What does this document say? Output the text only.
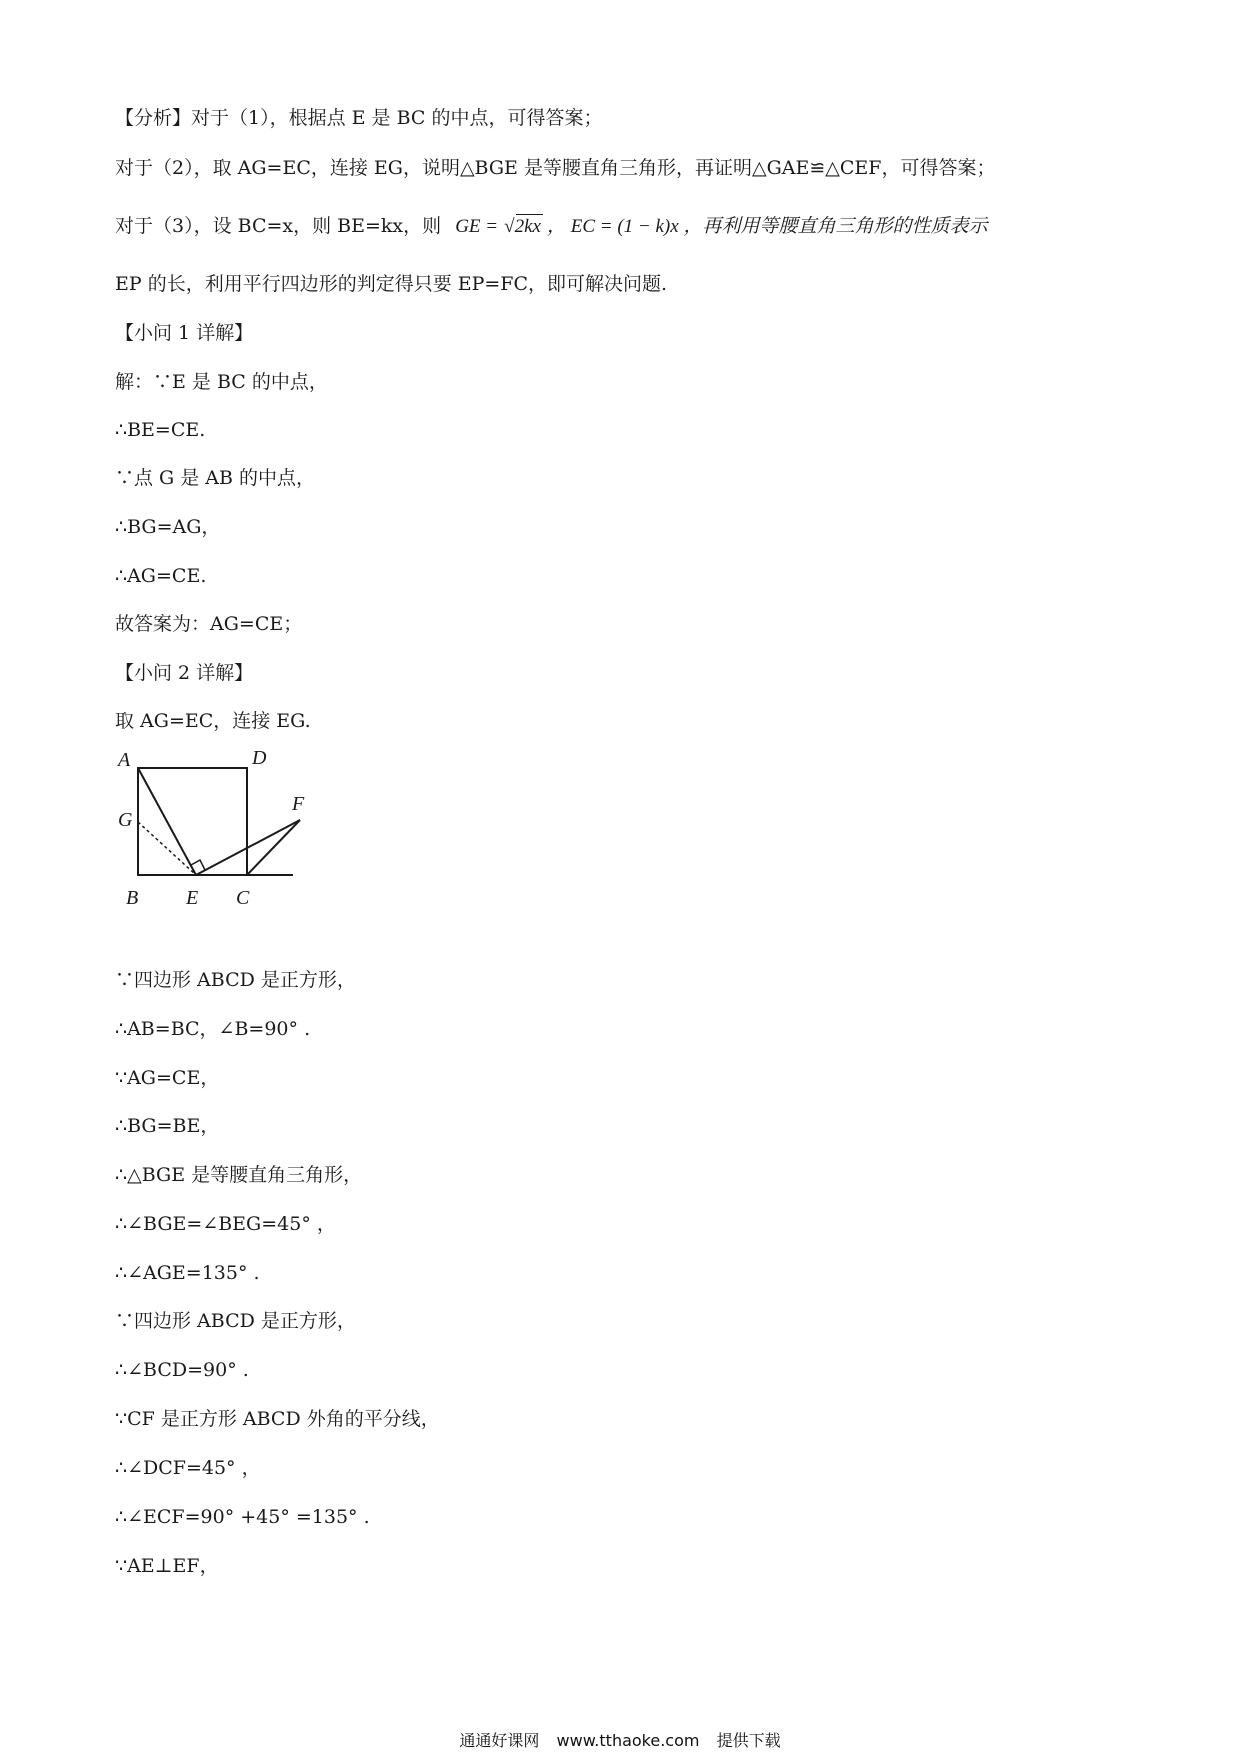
【分析】对于（1），根据点 E 是 BC 的中点，可得答案；
对于（2），取 AG=EC，连接 EG，说明△BGE 是等腰直角三角形，再证明△GAE≌△CEF，可得答案；
对于（3），设 BC=x，则 BE=kx，则 GE = √
2kx ， EC = (1 − k)x ，再利用等腰直角三角形的性质表示
EP 的长，利用平行四边形的判定得只要 EP=FC，即可解决问题.
【小问 1 详解】
解：∵E 是 BC 的中点，
∴BE=CE.
∵点 G 是 AB 的中点，
∴BG=AG，
∴AG=CE.
故答案为：AG=CE；
【小问 2 详解】
取 AG=EC，连接 EG.
A	D
F
G
B E C
∵四边形 ABCD 是正方形，
∴AB=BC，∠B=90° .
∵AG=CE，
∴BG=BE，
∴△BGE 是等腰直角三角形，
∴∠BGE=∠BEG=45° ，
∴∠AGE=135° .
∵四边形 ABCD 是正方形，
∴∠BCD=90° .
∵CF 是正方形 ABCD 外角的平分线，
∴∠DCF=45° ，
∴∠ECF=90° +45° =135° .
∵AE⊥EF，
通通好课网 www.tthaoke.com 提供下载
